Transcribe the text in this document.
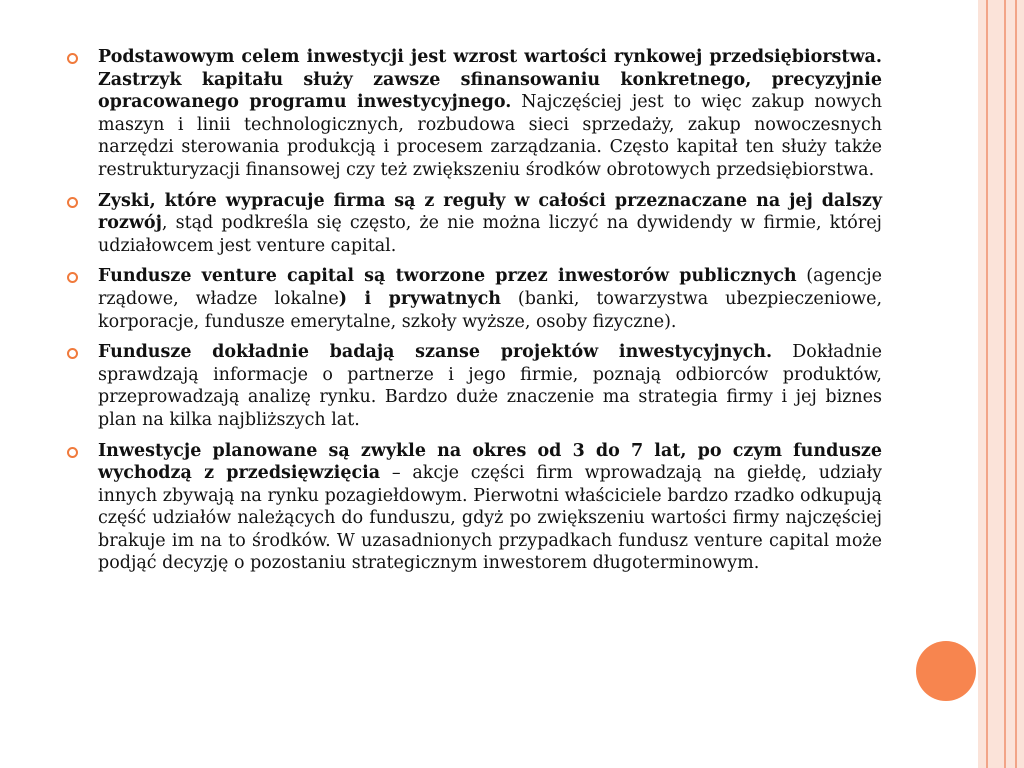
Podstawowym celem inwestycji jest wzrost wartości rynkowej przedsiębiorstwa. Zastrzyk kapitału służy zawsze sfinansowaniu konkretnego, precyzyjnie opracowanego programu inwestycyjnego. Najczęściej jest to więc zakup nowych maszyn i linii technologicznych, rozbudowa sieci sprzedaży, zakup nowoczesnych narzędzi sterowania produkcją i procesem zarządzania. Często kapitał ten służy także restrukturyzacji finansowej czy też zwiększeniu środków obrotowych przedsiębiorstwa.
Zyski, które wypracuje firma są z reguły w całości przeznaczane na jej dalszy rozwój, stąd podkreśla się często, że nie można liczyć na dywidendy w firmie, której udziałowcem jest venture capital.
Fundusze venture capital są tworzone przez inwestorów publicznych (agencje rządowe, władze lokalne) i prywatnych (banki, towarzystwa ubezpieczeniowe, korporacje, fundusze emerytalne, szkoły wyższe, osoby fizyczne).
Fundusze dokładnie badają szanse projektów inwestycyjnych. Dokładnie sprawdzają informacje o partnerze i jego firmie, poznają odbiorców produktów, przeprowadzają analizę rynku. Bardzo duże znaczenie ma strategia firmy i jej biznes plan na kilka najbliższych lat.
Inwestycje planowane są zwykle na okres od 3 do 7 lat, po czym fundusze wychodzą z przedsięwzięcia – akcje części firm wprowadzają na giełdę, udziały innych zbywają na rynku pozagiełdowym. Pierwotni właściciele bardzo rzadko odkupują część udziałów należących do funduszu, gdyż po zwiększeniu wartości firmy najczęściej brakuje im na to środków. W uzasadnionych przypadkach fundusz venture capital może podjąć decyzję o pozostaniu strategicznym inwestorem długoterminowym.
